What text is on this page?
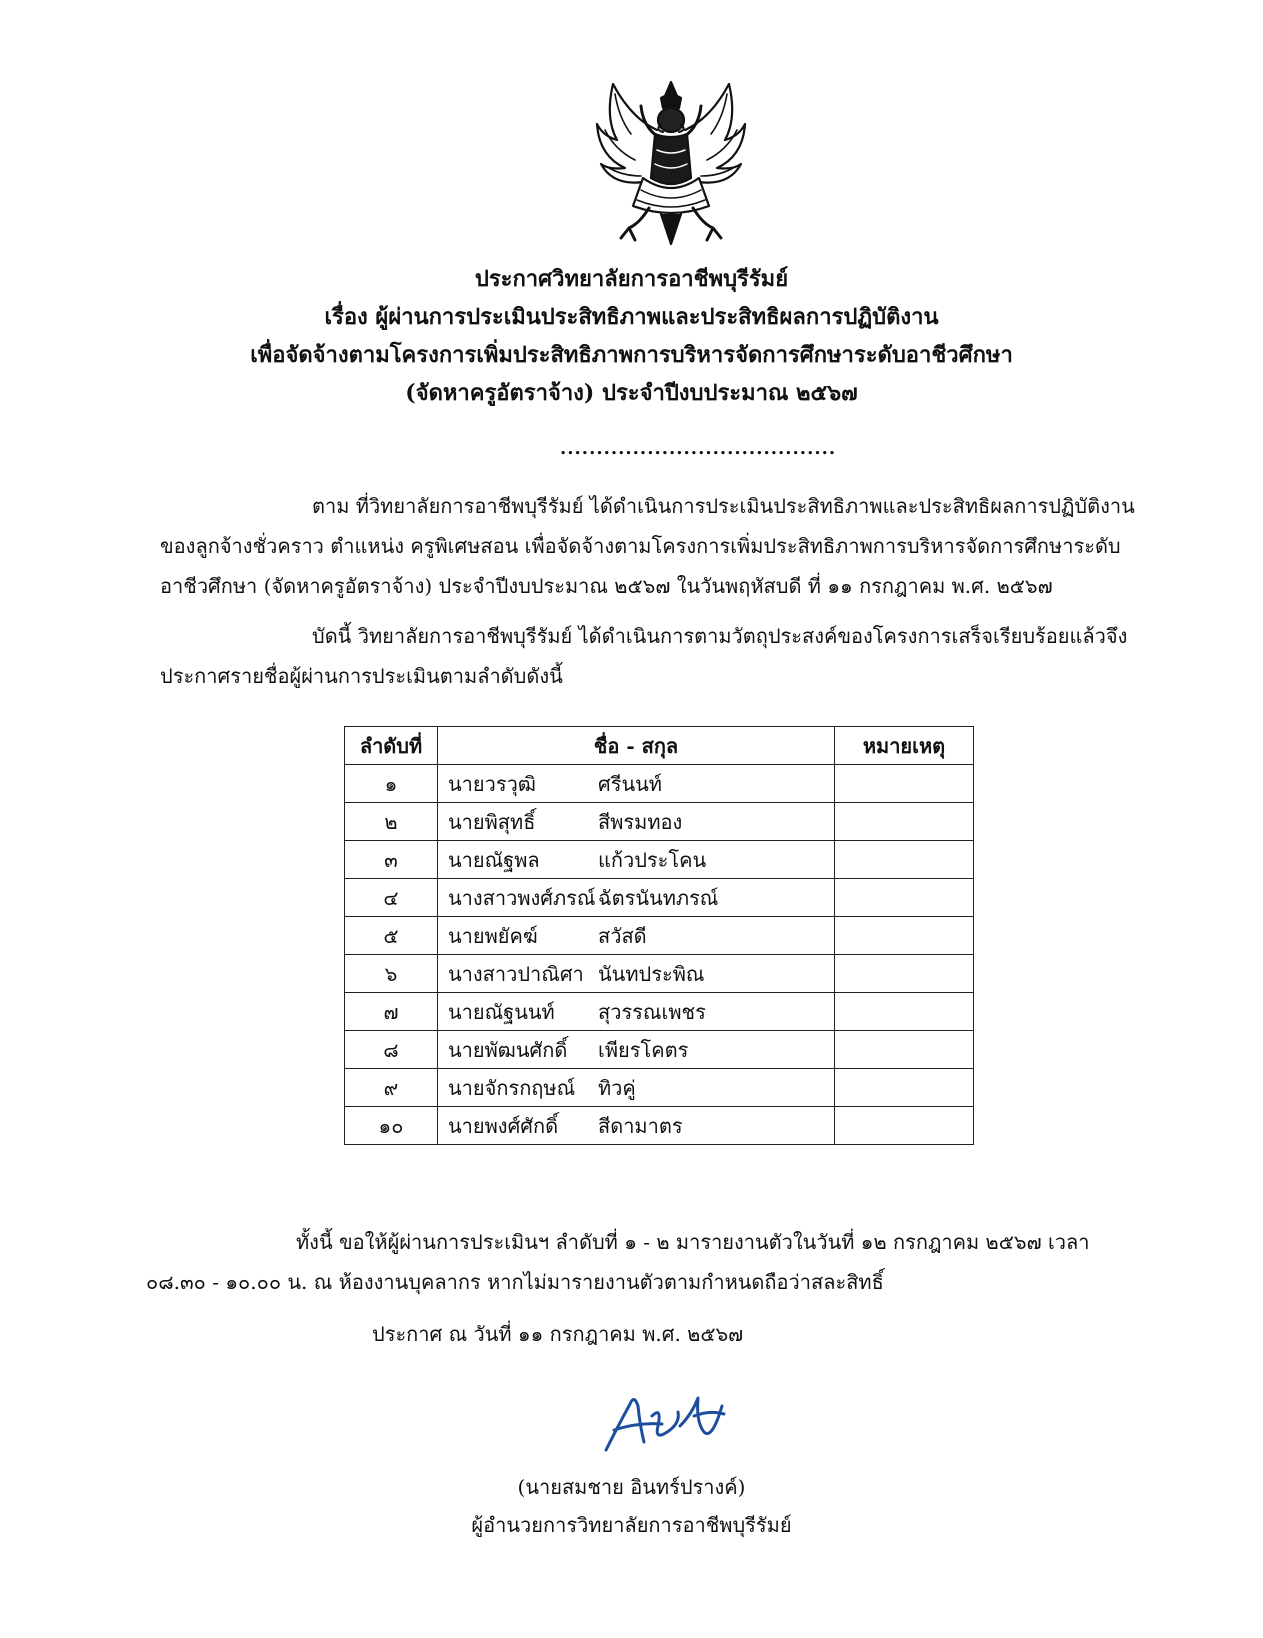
ประกาศวิทยาลัยการอาชีพบุรีรัมย์
เรื่อง ผู้ผ่านการประเมินประสิทธิภาพและประสิทธิผลการปฏิบัติงาน
เพื่อจัดจ้างตามโครงการเพิ่มประสิทธิภาพการบริหารจัดการศึกษาระดับอาชีวศึกษา
(จัดหาครูอัตราจ้าง) ประจำปีงบประมาณ ๒๕๖๗
......................................
ตาม ที่วิทยาลัยการอาชีพบุรีรัมย์ ได้ดำเนินการประเมินประสิทธิภาพและประสิทธิผลการปฏิบัติงาน
ของลูกจ้างชั่วคราว ตำแหน่ง ครูพิเศษสอน เพื่อจัดจ้างตามโครงการเพิ่มประสิทธิภาพการบริหารจัดการศึกษาระดับ
อาชีวศึกษา (จัดหาครูอัตราจ้าง) ประจำปีงบประมาณ ๒๕๖๗ ในวันพฤหัสบดี ที่ ๑๑ กรกฎาคม พ.ศ. ๒๕๖๗
บัดนี้ วิทยาลัยการอาชีพบุรีรัมย์ ได้ดำเนินการตามวัตถุประสงค์ของโครงการเสร็จเรียบร้อยแล้วจึง
ประกาศรายชื่อผู้ผ่านการประเมินตามลำดับดังนี้
ลำดับที่	ชื่อ - สกุล	หมายเหตุ
๑	นายวรวุฒิ ศรีนนท์	
๒	นายพิสุทธิ์ สีพรมทอง	
๓	นายณัฐพล แก้วประโคน	
๔	นางสาวพงศ์ภรณ์ ฉัตรนันทภรณ์	
๕	นายพยัคฆ์ สวัสดี	
๖	นางสาวปาณิศา นันทประพิณ	
๗	นายณัฐนนท์ สุวรรณเพชร	
๘	นายพัฒนศักดิ์ เพียรโคตร	
๙	นายจักรกฤษณ์ ทิวคู่	
๑๐	นายพงศ์ศักดิ์ สีดามาตร	
ทั้งนี้ ขอให้ผู้ผ่านการประเมินฯ ลำดับที่ ๑ - ๒ มารายงานตัวในวันที่ ๑๒ กรกฎาคม ๒๕๖๗ เวลา
๐๘.๓๐ - ๑๐.๐๐ น. ณ ห้องงานบุคลากร หากไม่มารายงานตัวตามกำหนดถือว่าสละสิทธิ์
ประกาศ ณ วันที่ ๑๑ กรกฎาคม พ.ศ. ๒๕๖๗
(นายสมชาย อินทร์ปรางค์)
ผู้อำนวยการวิทยาลัยการอาชีพบุรีรัมย์
